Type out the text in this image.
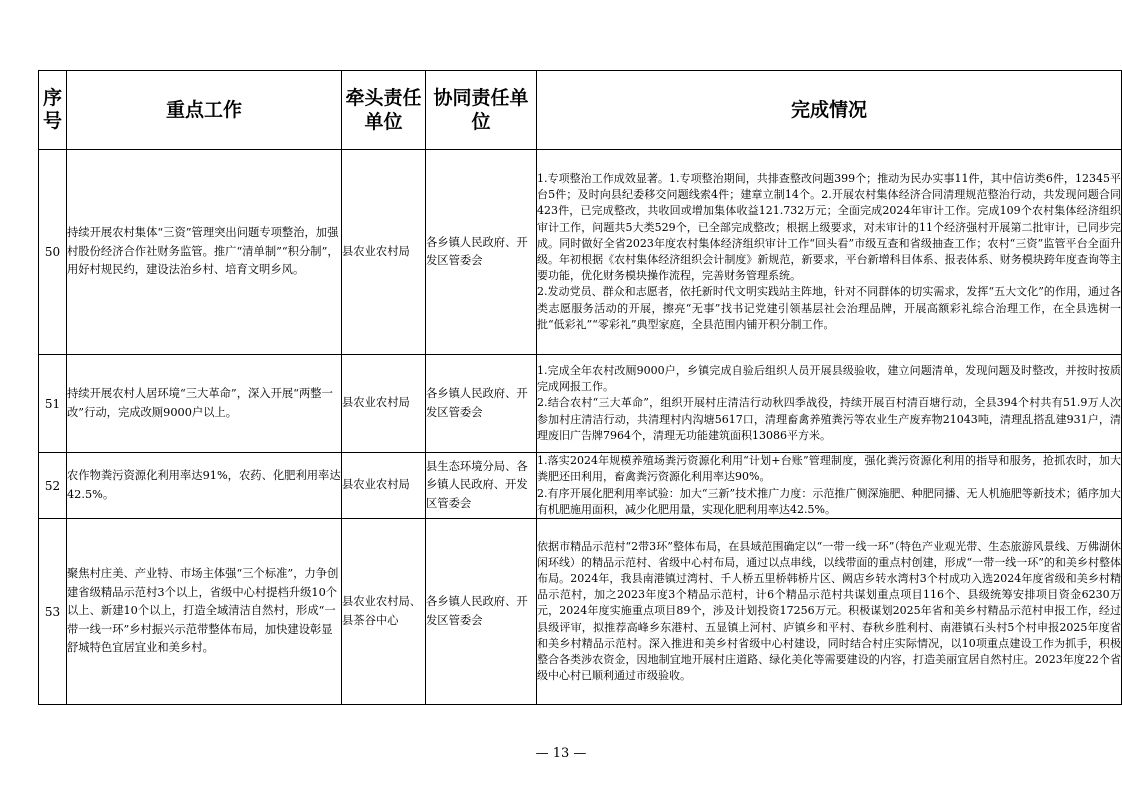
序号	重点工作	牵头责任单位	协同责任单位	完成情况
50	持续开展农村集体“三资”管理突出问题专项整治，加强村股份经济合作社财务监管。推广“清单制”“积分制”，用好村规民约，建设法治乡村、培育文明乡风。	县农业农村局	各乡镇人民政府、开发区管委会	1.专项整治工作成效显著。1.专项整治期间，共排查整改问题399个；推动为民办实事11件，其中信访类6件，12345平台5件；及时向县纪委移交问题线索4件；建章立制14个。2.开展农村集体经济合同清理规范整治行动，共发现问题合同423件，已完成整改，共收回或增加集体收益121.732万元；全面完成2024年审计工作。完成109个农村集体经济组织审计工作，问题共5大类529个，已全部完成整改；根据上级要求，对未审计的11个经济强村开展第二批审计，已同步完成。同时做好全省2023年度农村集体经济组织审计工作“回头看”市级互查和省级抽查工作；农村“三资”监管平台全面升级。年初根据《农村集体经济组织会计制度》新规范，新要求，平台新增科目体系、报表体系、财务模块跨年度查询等主要功能，优化财务模块操作流程，完善财务管理系统。

2.发动党员、群众和志愿者，依托新时代文明实践站主阵地，针对不同群体的切实需求，发挥“五大文化”的作用，通过各类志愿服务活动的开展，擦亮“无事”找书记党建引领基层社会治理品牌，开展高额彩礼综合治理工作，在全县选树一批“低彩礼”“零彩礼”典型家庭，全县范围内铺开积分制工作。

51	持续开展农村人居环境“三大革命”，深入开展“两整一改”行动，完成改厕9000户以上。	县农业农村局	各乡镇人民政府、开发区管委会	1.完成全年农村改厕9000户，乡镇完成自验后组织人员开展县级验收，建立问题清单，发现问题及时整改，并按时按质完成网报工作。

2.结合农村“三大革命”，组织开展村庄清洁行动秋四季战役，持续开展百村清百塘行动，全县394个村共有51.9万人次参加村庄清洁行动，共清理村内沟塘5617口，清理畜禽养殖粪污等农业生产废弃物21043吨，清理乱搭乱建931户，清理废旧广告牌7964个，清理无功能建筑面积13086平方米。

52	农作物粪污资源化利用率达91%，农药、化肥利用率达42.5%。	县农业农村局	县生态环境分局、各乡镇人民政府、开发区管委会	1.落实2024年规模养殖场粪污资源化利用“计划+台账”管理制度，强化粪污资源化利用的指导和服务，抢抓农时，加大粪肥还田利用，畜禽粪污资源化利用率达90%。

2.有序开展化肥利用率试验：加大“三新”技术推广力度：示范推广侧深施肥、种肥同播、无人机施肥等新技术；循序加大有机肥施用面积，减少化肥用量，实现化肥利用率达42.5%。

53	聚焦村庄美、产业特、市场主体强“三个标准”，力争创建省级精品示范村3个以上，省级中心村提档升级10个以上、新建10个以上，打造全域清洁自然村，形成“一带一线一环”乡村振兴示范带整体布局，加快建设彰显舒城特色宜居宜业和美乡村。	县农业农村局、县茶谷中心	各乡镇人民政府、开发区管委会	依据市精品示范村“2带3环”整体布局，在县域范围确定以“一带一线一环”（特色产业观光带、生态旅游风景线、万佛湖休闲环线）的精品示范村、省级中心村布局，通过以点串线，以线带面的重点村创建，形成“一带一线一环”的和美乡村整体布局。2024年，我县南港镇过湾村、千人桥五里桥韩桥片区、阙店乡转水湾村3个村成功入选2024年度省级和美乡村精品示范村，加之2023年度3个精品示范村，计6个精品示范村共谋划重点项目116个、县级统筹安排项目资金6230万元，2024年度实施重点项目89个，涉及计划投资17256万元。积极谋划2025年省和美乡村精品示范村申报工作，经过县级评审，拟推荐高峰乡东港村、五显镇上河村、庐镇乡和平村、春秋乡胜利村、南港镇石头村5个村申报2025年度省和美乡村精品示范村。深入推进和美乡村省级中心村建设，同时结合村庄实际情况，以10项重点建设工作为抓手，积极整合各类涉农资金，因地制宜地开展村庄道路、绿化美化等需要建设的内容，打造美丽宜居自然村庄。2023年度22个省级中心村已顺利通过市级验收。

— 13 —
